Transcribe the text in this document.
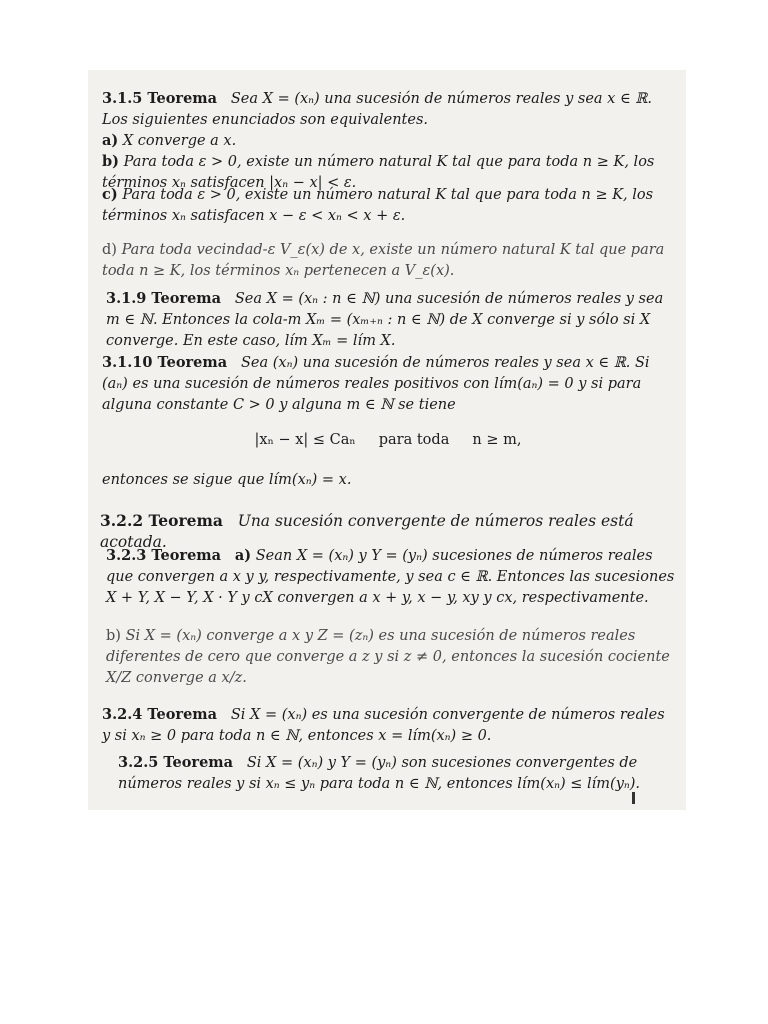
3.1.5 Teorema Sea X = (xₙ) una sucesión de números reales y sea x ∈ ℝ. Los siguientes enunciados son equivalentes.

a) X converge a x.

b) Para toda ε > 0, existe un número natural K tal que para toda n ≥ K, los términos xₙ satisfacen |xₙ − x| < ε.

c) Para toda ε > 0, existe un número natural K tal que para toda n ≥ K, los términos xₙ satisfacen x − ε < xₙ < x + ε.

d) Para toda vecindad-ε V_ε(x) de x, existe un número natural K tal que para toda n ≥ K, los términos xₙ pertenecen a V_ε(x).

3.1.9 Teorema Sea X = (xₙ : n ∈ ℕ) una sucesión de números reales y sea m ∈ ℕ. Entonces la cola-m Xₘ = (xₘ₊ₙ : n ∈ ℕ) de X converge si y sólo si X converge. En este caso, lím Xₘ = lím X.

3.1.10 Teorema Sea (xₙ) una sucesión de números reales y sea x ∈ ℝ. Si (aₙ) es una sucesión de números reales positivos con lím(aₙ) = 0 y si para alguna constante C > 0 y alguna m ∈ ℕ se tiene

|xₙ − x| ≤ Caₙ     para toda     n ≥ m,

entonces se sigue que lím(xₙ) = x.

3.2.2 Teorema Una sucesión convergente de números reales está acotada.

3.2.3 Teorema a) Sean X = (xₙ) y Y = (yₙ) sucesiones de números reales que convergen a x y y, respectivamente, y sea c ∈ ℝ. Entonces las sucesiones X + Y, X − Y, X · Y y cX convergen a x + y, x − y, xy y cx, respectivamente.

b) Si X = (xₙ) converge a x y Z = (zₙ) es una sucesión de números reales diferentes de cero que converge a z y si z ≠ 0, entonces la sucesión cociente X/Z converge a x/z.

3.2.4 Teorema Si X = (xₙ) es una sucesión convergente de números reales y si xₙ ≥ 0 para toda n ∈ ℕ, entonces x = lím(xₙ) ≥ 0.

3.2.5 Teorema Si X = (xₙ) y Y = (yₙ) son sucesiones convergentes de números reales y si xₙ ≤ yₙ para toda n ∈ ℕ, entonces lím(xₙ) ≤ lím(yₙ).
